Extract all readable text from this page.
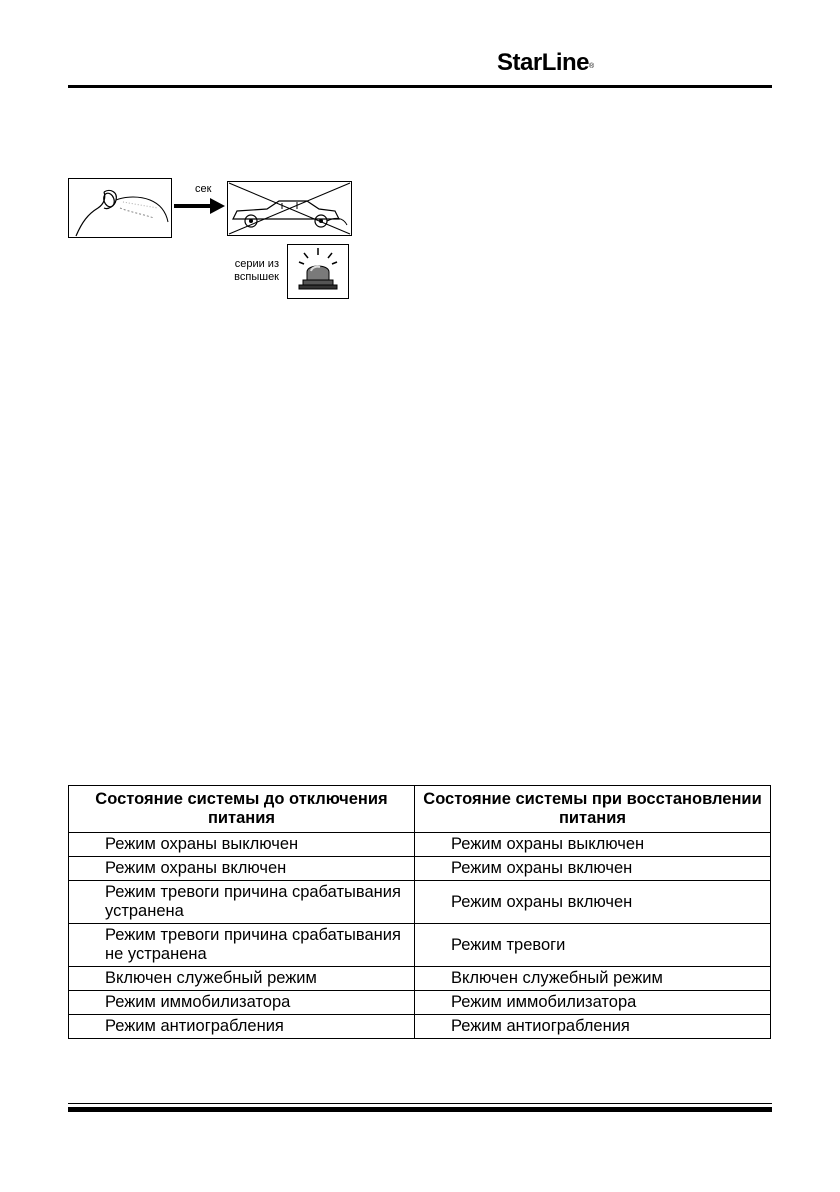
StarLine®
сек
серии из
вспышек
Состояние системы до отключения питания	Состояние системы при восстановлении питания
Режим охраны выключен	Режим охраны выключен
Режим охраны включен	Режим охраны включен
Режим тревоги причина срабатывания устранена	Режим охраны включен
Режим тревоги причина срабатывания не устранена	Режим тревоги
Включен служебный режим	Включен служебный режим
Режим иммобилизатора	Режим иммобилизатора
Режим антиограбления	Режим антиограбления
